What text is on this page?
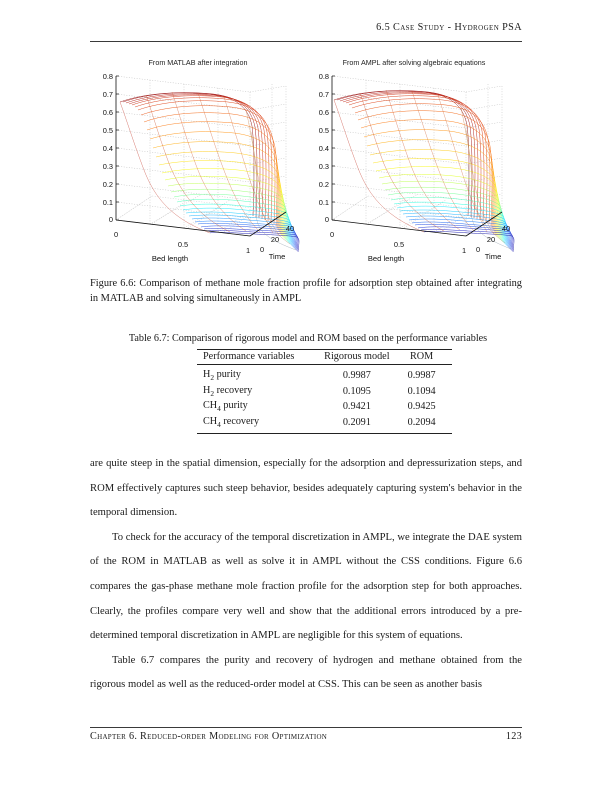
6.5 Case Study - Hydrogen PSA
From MATLAB after integration
0.8
0.7
0.6
0.5
0.4
0.3
0.2
0.1
0
0
0.5
1
Bed length
0
20
40
Time
From AMPL after solving algebraic equations
0.8
0.7
0.6
0.5
0.4
0.3
0.2
0.1
0
0
0.5
1
Bed length
0
20
40
Time
Figure 6.6: Comparison of methane mole fraction profile for adsorption step obtained after integrating in MATLAB and solving simultaneously in AMPL
Table 6.7: Comparison of rigorous model and ROM based on the performance variables
Performance variables	Rigorous model	ROM
$H_2$ purity	0.9987	0.9987
$H_2$ recovery	0.1095	0.1094
$CH_4$ purity	0.9421	0.9425
$CH_4$ recovery	0.2091	0.2094

are quite steep in the spatial dimension, especially for the adsorption and depressurization steps, and ROM effectively captures such steep behavior, besides adequately capturing system's behavior in the temporal dimension.

To check for the accuracy of the temporal discretization in AMPL, we integrate the DAE system of the ROM in MATLAB as well as solve it in AMPL without the CSS conditions. Figure 6.6 compares the gas-phase methane mole fraction profile for the adsorption step for both approaches. Clearly, the profiles compare very well and show that the additional errors introduced by a pre-determined temporal discretization in AMPL are negligible for this system of equations.

Table 6.7 compares the purity and recovery of hydrogen and methane obtained from the rigorous model as well as the reduced-order model at CSS. This can be seen as another basis

Chapter 6. Reduced-order Modeling for Optimization	123
